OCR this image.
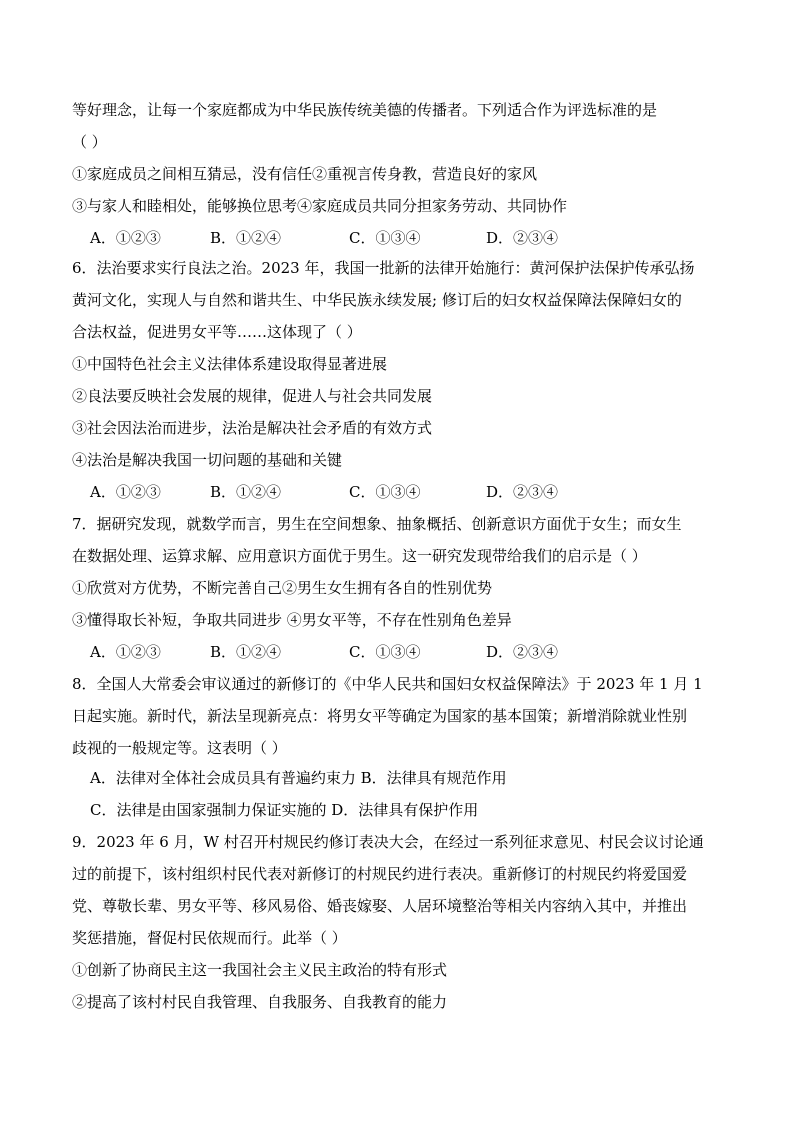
等好理念，让每一个家庭都成为中华民族传统美德的传播者。下列适合作为评选标准的是
（ ）
①家庭成员之间相互猜忌，没有信任②重视言传身教，营造良好的家风
③与家人和睦相处，能够换位思考④家庭成员共同分担家务劳动、共同协作
A．①②③	B．①②④	C．①③④	D．②③④
6．法治要求实行良法之治。2023 年，我国一批新的法律开始施行：黄河保护法保护传承弘扬
黄河文化，实现人与自然和谐共生、中华民族永续发展; 修订后的妇女权益保障法保障妇女的
合法权益，促进男女平等……这体现了（ ）
①中国特色社会主义法律体系建设取得显著进展
②良法要反映社会发展的规律，促进人与社会共同发展
③社会因法治而进步，法治是解决社会矛盾的有效方式
④法治是解决我国一切问题的基础和关键
A．①②③	B．①②④	C．①③④	D．②③④
7．据研究发现，就数学而言，男生在空间想象、抽象概括、创新意识方面优于女生；而女生
在数据处理、运算求解、应用意识方面优于男生。这一研究发现带给我们的启示是（ ）
①欣赏对方优势，不断完善自己②男生女生拥有各自的性别优势
③懂得取长补短，争取共同进步 ④男女平等，不存在性别角色差异
A．①②③	B．①②④	C．①③④	D．②③④
8．全国人大常委会审议通过的新修订的《中华人民共和国妇女权益保障法》于 2023 年 1 月 1
日起实施。新时代，新法呈现新亮点：将男女平等确定为国家的基本国策；新增消除就业性别
歧视的一般规定等。这表明（ ）
A．法律对全体社会成员具有普遍约束力 B．法律具有规范作用
C．法律是由国家强制力保证实施的 D．法律具有保护作用
9．2023 年 6 月，W 村召开村规民约修订表决大会，在经过一系列征求意见、村民会议讨论通
过的前提下，该村组织村民代表对新修订的村规民约进行表决。重新修订的村规民约将爱国爱
党、尊敬长辈、男女平等、移风易俗、婚丧嫁娶、人居环境整治等相关内容纳入其中，并推出
奖惩措施，督促村民依规而行。此举（ ）
①创新了协商民主这一我国社会主义民主政治的特有形式
②提高了该村村民自我管理、自我服务、自我教育的能力
